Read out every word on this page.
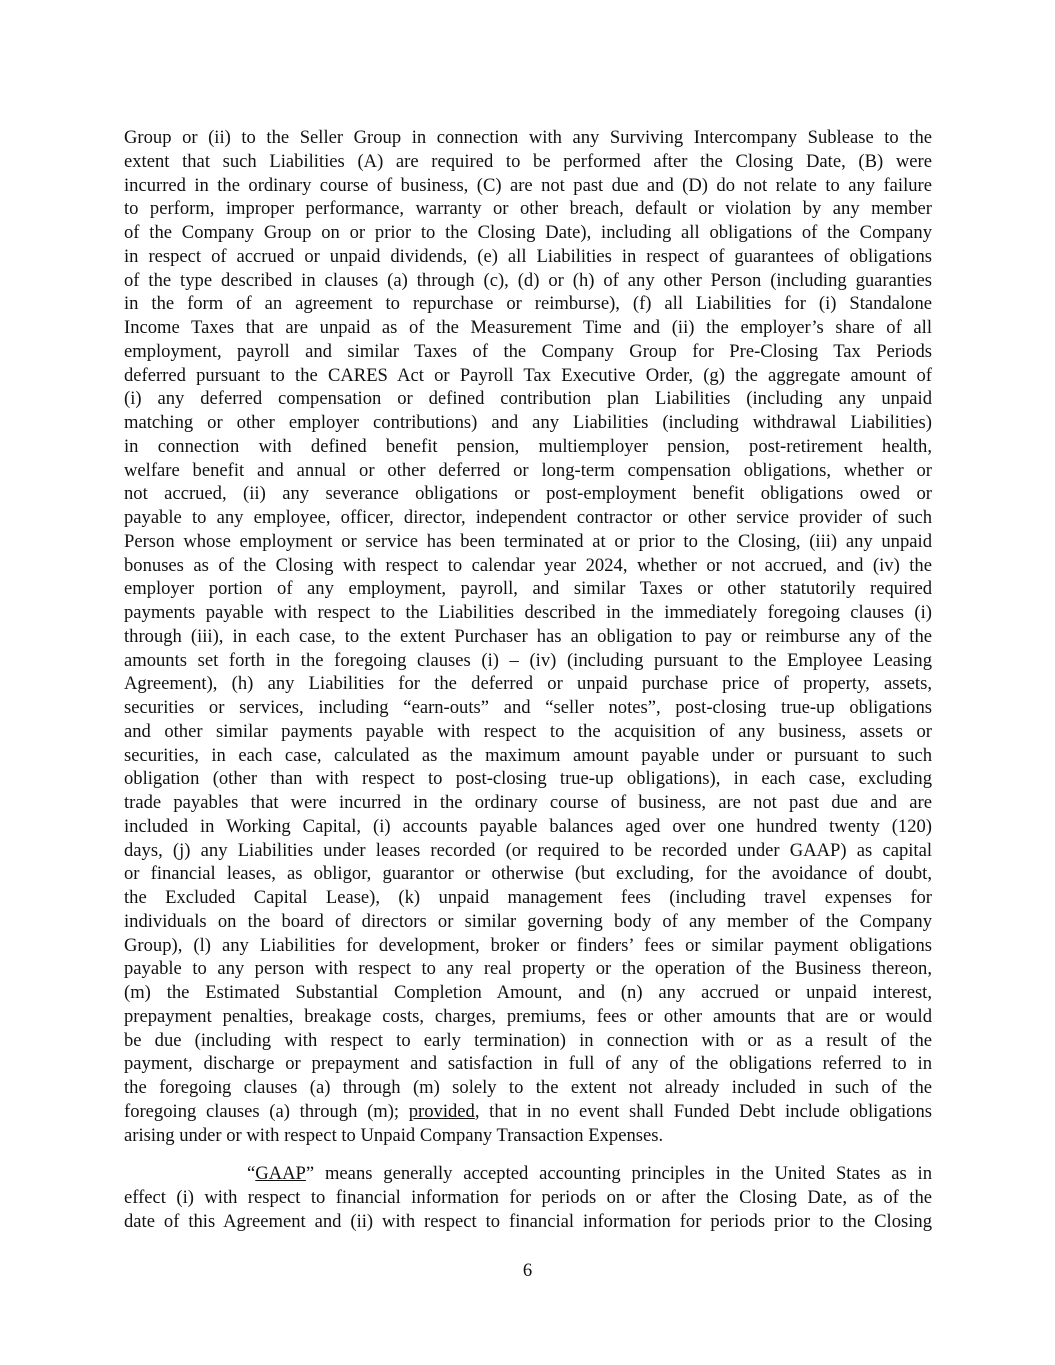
Group or (ii) to the Seller Group in connection with any Surviving Intercompany Sublease to the
extent that such Liabilities (A) are required to be performed after the Closing Date, (B) were
incurred in the ordinary course of business, (C) are not past due and (D) do not relate to any failure
to perform, improper performance, warranty or other breach, default or violation by any member
of the Company Group on or prior to the Closing Date), including all obligations of the Company
in respect of accrued or unpaid dividends, (e) all Liabilities in respect of guarantees of obligations
of the type described in clauses (a) through (c), (d) or (h) of any other Person (including guaranties
in the form of an agreement to repurchase or reimburse), (f) all Liabilities for (i) Standalone
Income Taxes that are unpaid as of the Measurement Time and (ii) the employer’s share of all
employment, payroll and similar Taxes of the Company Group for Pre-Closing Tax Periods
deferred pursuant to the CARES Act or Payroll Tax Executive Order, (g) the aggregate amount of
(i) any deferred compensation or defined contribution plan Liabilities (including any unpaid
matching or other employer contributions) and any Liabilities (including withdrawal Liabilities)
in connection with defined benefit pension, multiemployer pension, post-retirement health,
welfare benefit and annual or other deferred or long-term compensation obligations, whether or
not accrued, (ii) any severance obligations or post-employment benefit obligations owed or
payable to any employee, officer, director, independent contractor or other service provider of such
Person whose employment or service has been terminated at or prior to the Closing, (iii) any unpaid
bonuses as of the Closing with respect to calendar year 2024, whether or not accrued, and (iv) the
employer portion of any employment, payroll, and similar Taxes or other statutorily required
payments payable with respect to the Liabilities described in the immediately foregoing clauses (i)
through (iii), in each case, to the extent Purchaser has an obligation to pay or reimburse any of the
amounts set forth in the foregoing clauses (i) – (iv) (including pursuant to the Employee Leasing
Agreement), (h) any Liabilities for the deferred or unpaid purchase price of property, assets,
securities or services, including “earn-outs” and “seller notes”, post-closing true-up obligations
and other similar payments payable with respect to the acquisition of any business, assets or
securities, in each case, calculated as the maximum amount payable under or pursuant to such
obligation (other than with respect to post-closing true-up obligations), in each case, excluding
trade payables that were incurred in the ordinary course of business, are not past due and are
included in Working Capital, (i) accounts payable balances aged over one hundred twenty (120)
days, (j) any Liabilities under leases recorded (or required to be recorded under GAAP) as capital
or financial leases, as obligor, guarantor or otherwise (but excluding, for the avoidance of doubt,
the Excluded Capital Lease), (k) unpaid management fees (including travel expenses for
individuals on the board of directors or similar governing body of any member of the Company
Group), (l) any Liabilities for development, broker or finders’ fees or similar payment obligations
payable to any person with respect to any real property or the operation of the Business thereon,
(m) the Estimated Substantial Completion Amount, and (n) any accrued or unpaid interest,
prepayment penalties, breakage costs, charges, premiums, fees or other amounts that are or would
be due (including with respect to early termination) in connection with or as a result of the
payment, discharge or prepayment and satisfaction in full of any of the obligations referred to in
the foregoing clauses (a) through (m) solely to the extent not already included in such of the
foregoing clauses (a) through (m); provided, that in no event shall Funded Debt include obligations
arising under or with respect to Unpaid Company Transaction Expenses.
“GAAP” means generally accepted accounting principles in the United States as in
effect (i) with respect to financial information for periods on or after the Closing Date, as of the
date of this Agreement and (ii) with respect to financial information for periods prior to the Closing
6
